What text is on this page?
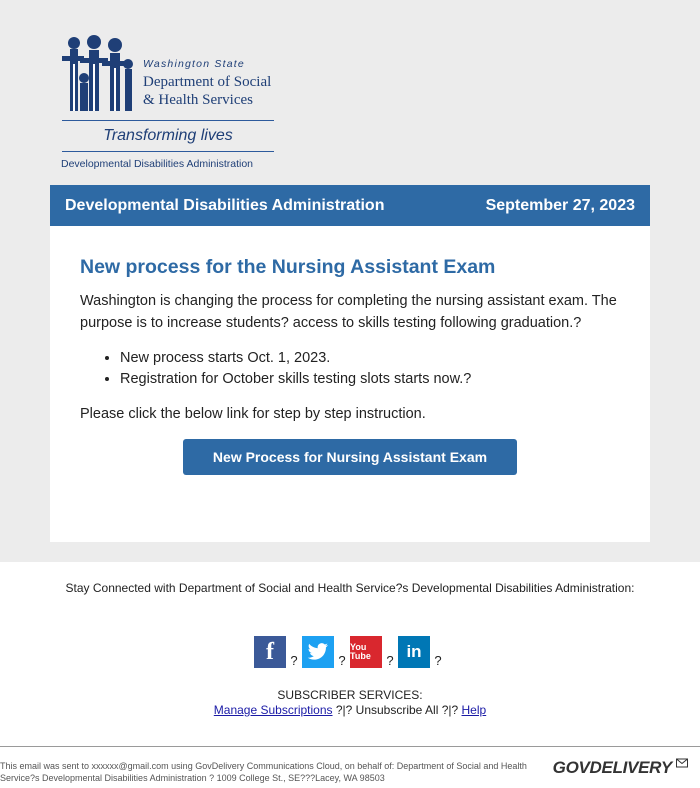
Washington State
Department of Social
& Health Services
Transforming lives
Developmental Disabilities Administration
Developmental Disabilities Administration	September 27, 2023
New process for the Nursing Assistant Exam

Washington is changing the process for completing the nursing assistant exam. The purpose is to increase students? access to skills testing following graduation.?

• New process starts Oct. 1, 2023.
• Registration for October skills testing slots starts now.?

Please click the below link for step by step instruction.

New Process for Nursing Assistant Exam
Stay Connected with Department of Social and Health Service?s Developmental Disabilities Administration:
f	?	?
You Tube	? in ?
SUBSCRIBER SERVICES:
Manage Subscriptions ?|? Unsubscribe All ?|? Help
This email was sent to xxxxxx@gmail.com using GovDelivery Communications Cloud, on behalf of: Department of Social and Health Service?s Developmental Disabilities Administration ? 1009 College St., SE???Lacey, WA 98503
GOVDELIVERY
